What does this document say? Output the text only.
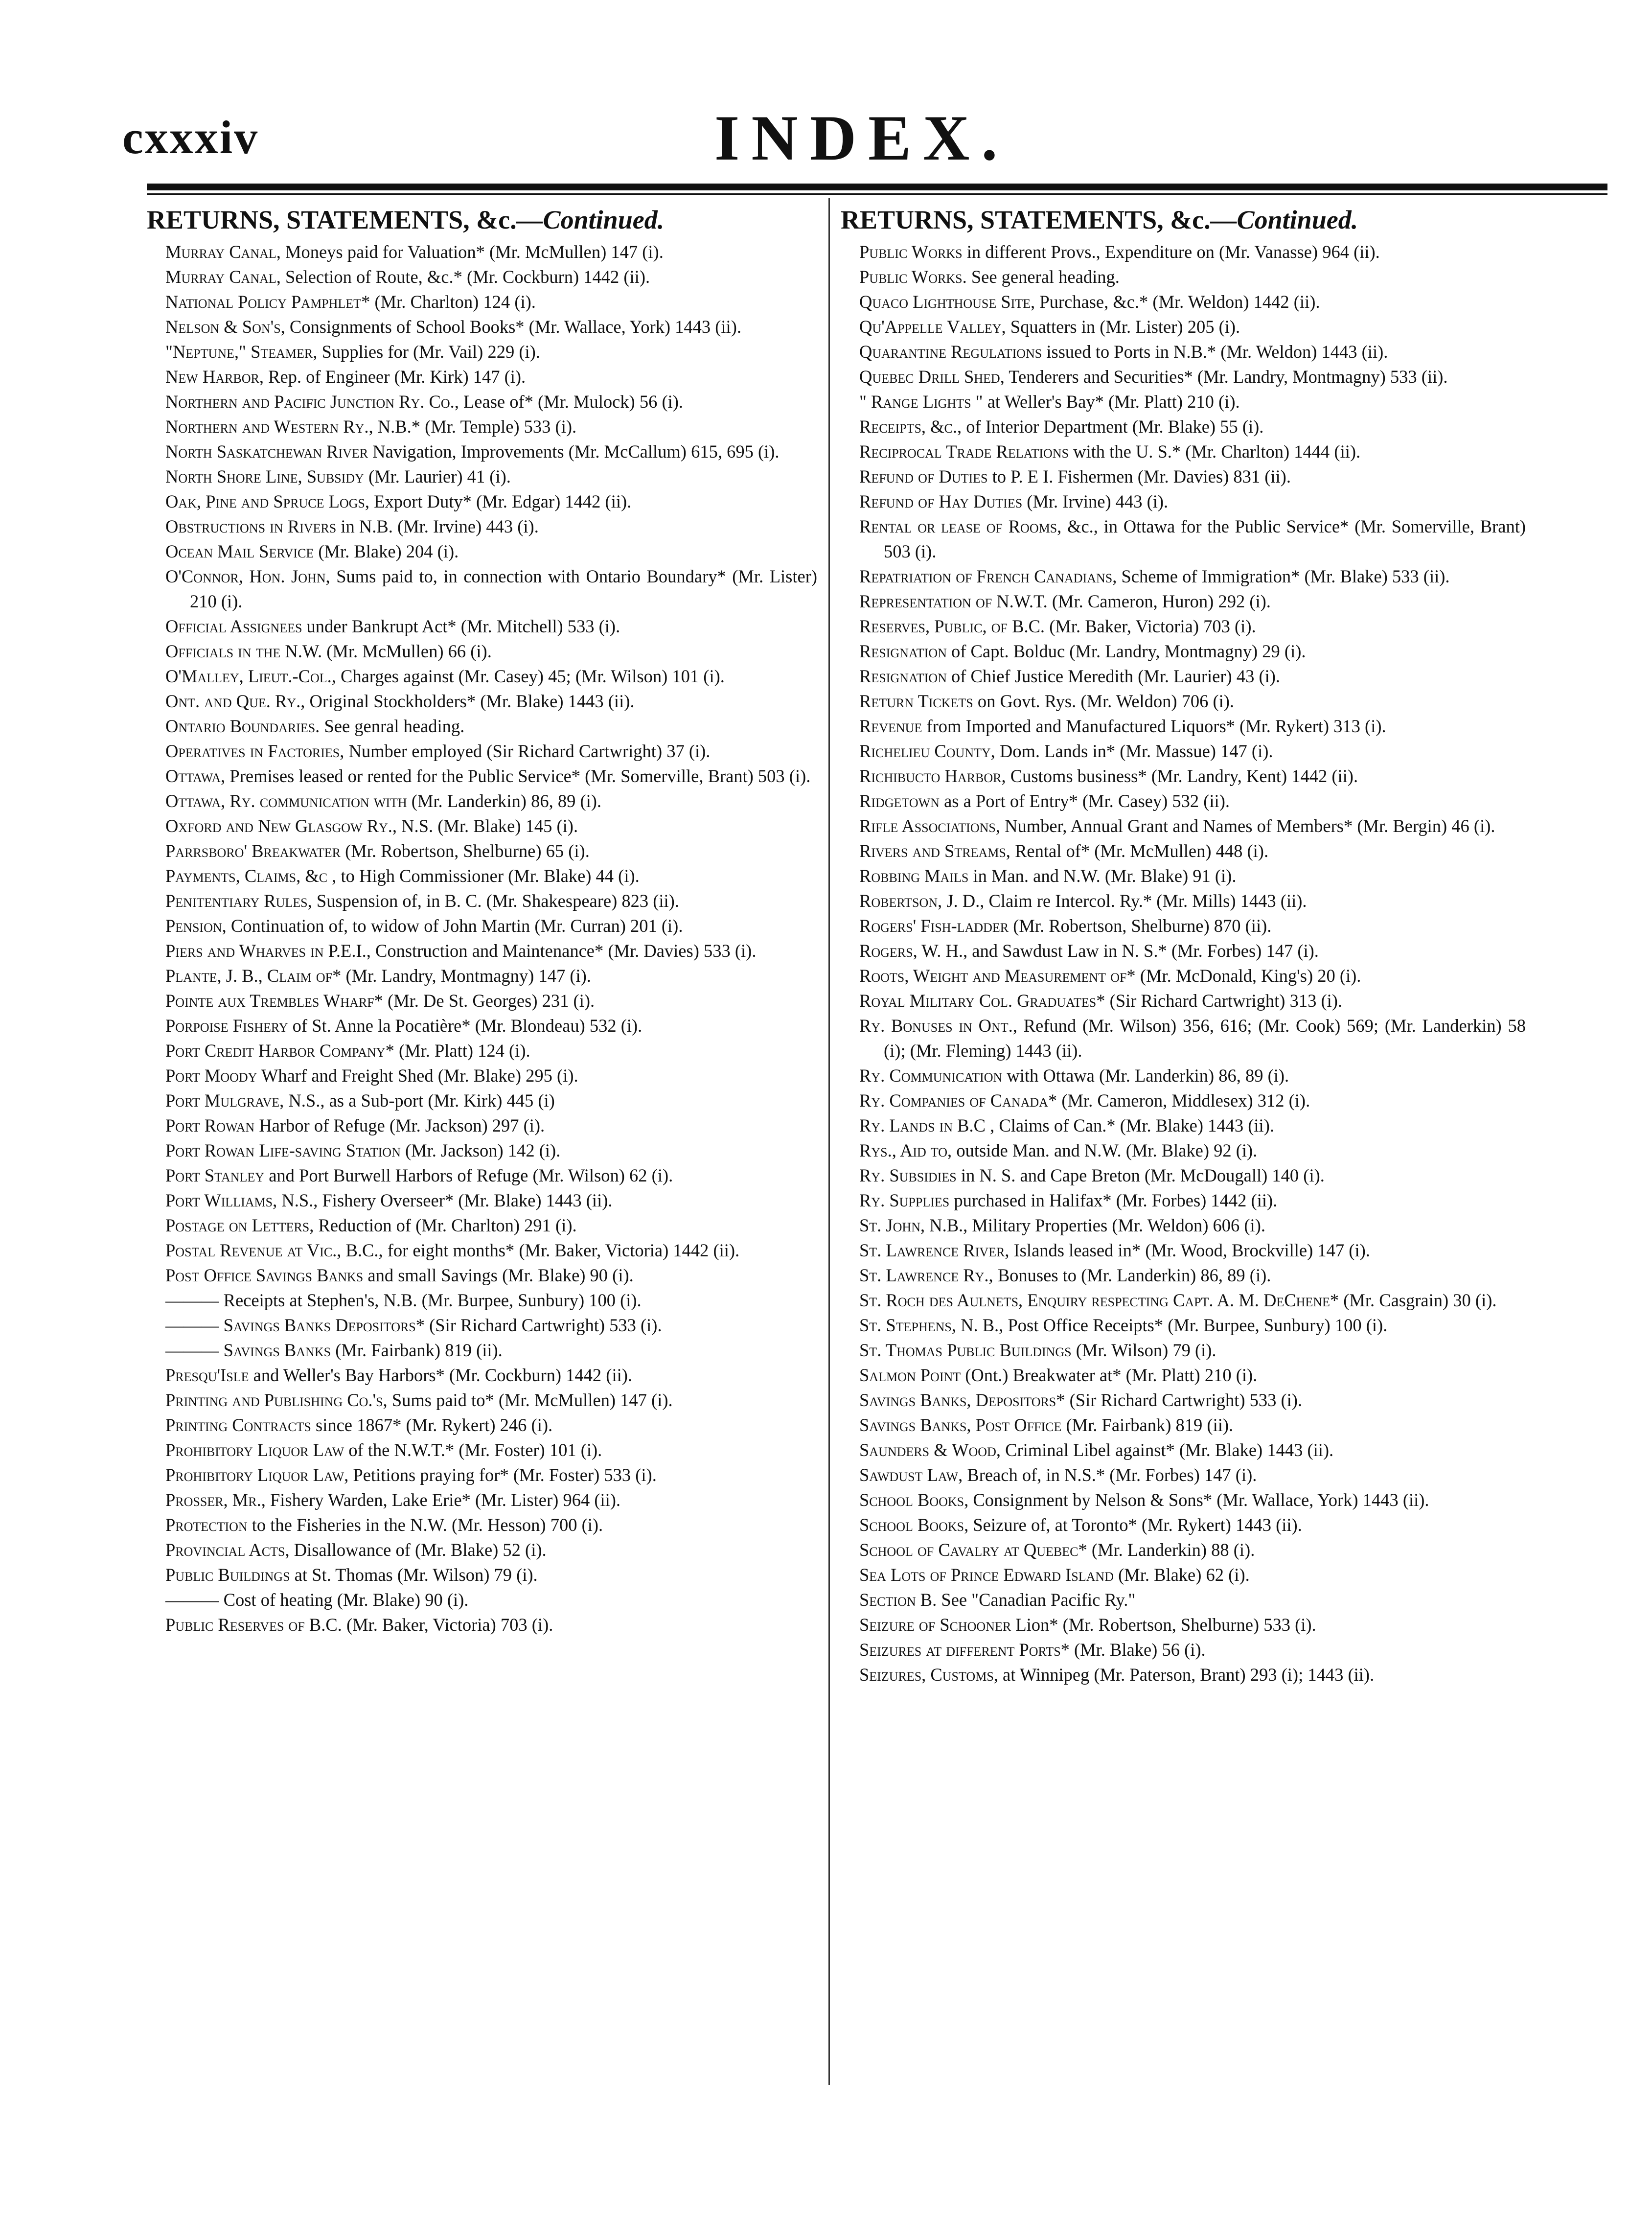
cxxxiv	INDEX.
RETURNS, STATEMENTS, &c.—Continued.
Murray Canal, Moneys paid for Valuation* (Mr. McMullen) 147 (i).
Murray Canal, Selection of Route, &c.* (Mr. Cockburn) 1442 (ii).
National Policy Pamphlet* (Mr. Charlton) 124 (i).
Nelson & Son's, Consignments of School Books* (Mr. Wallace, York) 1443 (ii).
"Neptune," Steamer, Supplies for (Mr. Vail) 229 (i).
New Harbor, Rep. of Engineer (Mr. Kirk) 147 (i).
Northern and Pacific Junction Ry. Co., Lease of* (Mr. Mulock) 56 (i).
Northern and Western Ry., N.B.* (Mr. Temple) 533 (i).
North Saskatchewan River Navigation, Improvements (Mr. McCallum) 615, 695 (i).
North Shore Line, Subsidy (Mr. Laurier) 41 (i).
Oak, Pine and Spruce Logs, Export Duty* (Mr. Edgar) 1442 (ii).
Obstructions in Rivers in N.B. (Mr. Irvine) 443 (i).
Ocean Mail Service (Mr. Blake) 204 (i).
O'Connor, Hon. John, Sums paid to, in connection with Ontario Boundary* (Mr. Lister) 210 (i).
Official Assignees under Bankrupt Act* (Mr. Mitchell) 533 (i).
Officials in the N.W. (Mr. McMullen) 66 (i).
O'Malley, Lieut.-Col., Charges against (Mr. Casey) 45; (Mr. Wilson) 101 (i).
Ont. and Que. Ry., Original Stockholders* (Mr. Blake) 1443 (ii).
Ontario Boundaries. See genral heading.
Operatives in Factories, Number employed (Sir Richard Cartwright) 37 (i).
Ottawa, Premises leased or rented for the Public Service* (Mr. Somerville, Brant) 503 (i).
Ottawa, Ry. communication with (Mr. Landerkin) 86, 89 (i).
Oxford and New Glasgow Ry., N.S. (Mr. Blake) 145 (i).
Parrsboro' Breakwater (Mr. Robertson, Shelburne) 65 (i).
Payments, Claims, &c , to High Commissioner (Mr. Blake) 44 (i).
Penitentiary Rules, Suspension of, in B. C. (Mr. Shakespeare) 823 (ii).
Pension, Continuation of, to widow of John Martin (Mr. Curran) 201 (i).
Piers and Wharves in P.E.I., Construction and Maintenance* (Mr. Davies) 533 (i).
Plante, J. B., Claim of* (Mr. Landry, Montmagny) 147 (i).
Pointe aux Trembles Wharf* (Mr. De St. Georges) 231 (i).
Porpoise Fishery of St. Anne la Pocatière* (Mr. Blondeau) 532 (i).
Port Credit Harbor Company* (Mr. Platt) 124 (i).
Port Moody Wharf and Freight Shed (Mr. Blake) 295 (i).
Port Mulgrave, N.S., as a Sub-port (Mr. Kirk) 445 (i)
Port Rowan Harbor of Refuge (Mr. Jackson) 297 (i).
Port Rowan Life-saving Station (Mr. Jackson) 142 (i).
Port Stanley and Port Burwell Harbors of Refuge (Mr. Wilson) 62 (i).
Port Williams, N.S., Fishery Overseer* (Mr. Blake) 1443 (ii).
Postage on Letters, Reduction of (Mr. Charlton) 291 (i).
Postal Revenue at Vic., B.C., for eight months* (Mr. Baker, Victoria) 1442 (ii).
Post Office Savings Banks and small Savings (Mr. Blake) 90 (i).
——— Receipts at Stephen's, N.B. (Mr. Burpee, Sunbury) 100 (i).
——— Savings Banks Depositors* (Sir Richard Cartwright) 533 (i).
——— Savings Banks (Mr. Fairbank) 819 (ii).
Presqu'Isle and Weller's Bay Harbors* (Mr. Cockburn) 1442 (ii).
Printing and Publishing Co.'s, Sums paid to* (Mr. McMullen) 147 (i).
Printing Contracts since 1867* (Mr. Rykert) 246 (i).
Prohibitory Liquor Law of the N.W.T.* (Mr. Foster) 101 (i).
Prohibitory Liquor Law, Petitions praying for* (Mr. Foster) 533 (i).
Prosser, Mr., Fishery Warden, Lake Erie* (Mr. Lister) 964 (ii).
Protection to the Fisheries in the N.W. (Mr. Hesson) 700 (i).
Provincial Acts, Disallowance of (Mr. Blake) 52 (i).
Public Buildings at St. Thomas (Mr. Wilson) 79 (i).
——— Cost of heating (Mr. Blake) 90 (i).
Public Reserves of B.C. (Mr. Baker, Victoria) 703 (i).
RETURNS, STATEMENTS, &c.—Continued.
Public Works in different Provs., Expenditure on (Mr. Vanasse) 964 (ii).
Public Works. See general heading.
Quaco Lighthouse Site, Purchase, &c.* (Mr. Weldon) 1442 (ii).
Qu'Appelle Valley, Squatters in (Mr. Lister) 205 (i).
Quarantine Regulations issued to Ports in N.B.* (Mr. Weldon) 1443 (ii).
Quebec Drill Shed, Tenderers and Securities* (Mr. Landry, Montmagny) 533 (ii).
" Range Lights " at Weller's Bay* (Mr. Platt) 210 (i).
Receipts, &c., of Interior Department (Mr. Blake) 55 (i).
Reciprocal Trade Relations with the U. S.* (Mr. Charlton) 1444 (ii).
Refund of Duties to P. E I. Fishermen (Mr. Davies) 831 (ii).
Refund of Hay Duties (Mr. Irvine) 443 (i).
Rental or lease of Rooms, &c., in Ottawa for the Public Service* (Mr. Somerville, Brant) 503 (i).
Repatriation of French Canadians, Scheme of Immigration* (Mr. Blake) 533 (ii).
Representation of N.W.T. (Mr. Cameron, Huron) 292 (i).
Reserves, Public, of B.C. (Mr. Baker, Victoria) 703 (i).
Resignation of Capt. Bolduc (Mr. Landry, Montmagny) 29 (i).
Resignation of Chief Justice Meredith (Mr. Laurier) 43 (i).
Return Tickets on Govt. Rys. (Mr. Weldon) 706 (i).
Revenue from Imported and Manufactured Liquors* (Mr. Rykert) 313 (i).
Richelieu County, Dom. Lands in* (Mr. Massue) 147 (i).
Richibucto Harbor, Customs business* (Mr. Landry, Kent) 1442 (ii).
Ridgetown as a Port of Entry* (Mr. Casey) 532 (ii).
Rifle Associations, Number, Annual Grant and Names of Members* (Mr. Bergin) 46 (i).
Rivers and Streams, Rental of* (Mr. McMullen) 448 (i).
Robbing Mails in Man. and N.W. (Mr. Blake) 91 (i).
Robertson, J. D., Claim re Intercol. Ry.* (Mr. Mills) 1443 (ii).
Rogers' Fish-ladder (Mr. Robertson, Shelburne) 870 (ii).
Rogers, W. H., and Sawdust Law in N. S.* (Mr. Forbes) 147 (i).
Roots, Weight and Measurement of* (Mr. McDonald, King's) 20 (i).
Royal Military Col. Graduates* (Sir Richard Cartwright) 313 (i).
Ry. Bonuses in Ont., Refund (Mr. Wilson) 356, 616; (Mr. Cook) 569; (Mr. Landerkin) 58 (i); (Mr. Fleming) 1443 (ii).
Ry. Communication with Ottawa (Mr. Landerkin) 86, 89 (i).
Ry. Companies of Canada* (Mr. Cameron, Middlesex) 312 (i).
Ry. Lands in B.C , Claims of Can.* (Mr. Blake) 1443 (ii).
Rys., Aid to, outside Man. and N.W. (Mr. Blake) 92 (i).
Ry. Subsidies in N. S. and Cape Breton (Mr. McDougall) 140 (i).
Ry. Supplies purchased in Halifax* (Mr. Forbes) 1442 (ii).
St. John, N.B., Military Properties (Mr. Weldon) 606 (i).
St. Lawrence River, Islands leased in* (Mr. Wood, Brockville) 147 (i).
St. Lawrence Ry., Bonuses to (Mr. Landerkin) 86, 89 (i).
St. Roch des Aulnets, Enquiry respecting Capt. A. M. DeChene* (Mr. Casgrain) 30 (i).
St. Stephens, N. B., Post Office Receipts* (Mr. Burpee, Sunbury) 100 (i).
St. Thomas Public Buildings (Mr. Wilson) 79 (i).
Salmon Point (Ont.) Breakwater at* (Mr. Platt) 210 (i).
Savings Banks, Depositors* (Sir Richard Cartwright) 533 (i).
Savings Banks, Post Office (Mr. Fairbank) 819 (ii).
Saunders & Wood, Criminal Libel against* (Mr. Blake) 1443 (ii).
Sawdust Law, Breach of, in N.S.* (Mr. Forbes) 147 (i).
School Books, Consignment by Nelson & Sons* (Mr. Wallace, York) 1443 (ii).
School Books, Seizure of, at Toronto* (Mr. Rykert) 1443 (ii).
School of Cavalry at Quebec* (Mr. Landerkin) 88 (i).
Sea Lots of Prince Edward Island (Mr. Blake) 62 (i).
Section B. See "Canadian Pacific Ry."
Seizure of Schooner Lion* (Mr. Robertson, Shelburne) 533 (i).
Seizures at different Ports* (Mr. Blake) 56 (i).
Seizures, Customs, at Winnipeg (Mr. Paterson, Brant) 293 (i); 1443 (ii).
